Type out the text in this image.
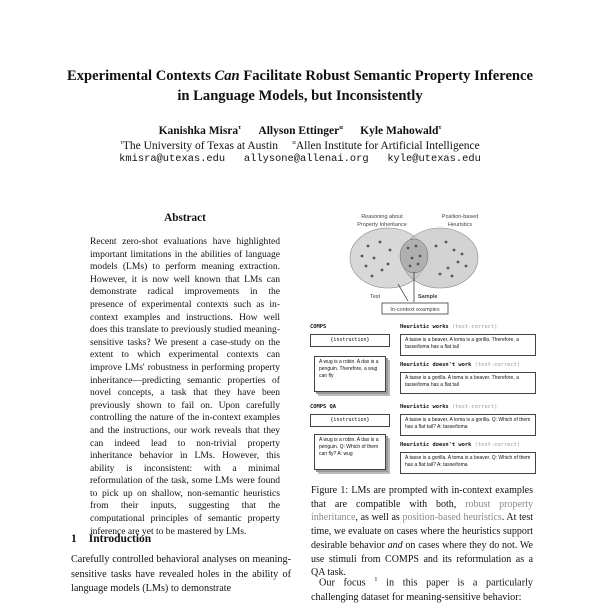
Experimental Contexts Can Facilitate Robust Semantic Property Inference
in Language Models, but Inconsistently
Kanishka Misra$^\tau$ Allyson Ettinger$^\alpha$ Kyle Mahowald$^\tau$
$^\tau$The University of Texas at Austin $^\alpha$Allen Institute for Artificial Intelligence
kmisra@utexas.edu allysone@allenai.org kyle@utexas.edu
Abstract

Recent zero-shot evaluations have highlighted important limitations in the abilities of language models (LMs) to perform meaning extraction. However, it is now well known that LMs can demonstrate radical improvements in the presence of experimental contexts such as in-context examples and instructions. How well does this translate to previously studied meaning-sensitive tasks? We present a case-study on the extent to which experimental contexts can improve LMs' robustness in performing property inheritance—predicting semantic properties of novel concepts, a task that they have been previously shown to fail on. Upon carefully controlling the nature of the in-context examples and the instructions, our work reveals that they can indeed lead to non-trivial property inheritance behavior in LMs. However, this ability is inconsistent: with a minimal reformulation of the task, some LMs were found to pick up on shallow, non-semantic heuristics from their inputs, suggesting that the computational principles of semantic property inference are yet to be mastered by LMs.

1 Introduction

Carefully controlled behavioral analyses on meaning-sensitive tasks have revealed holes in the ability of language models (LMs) to demonstrate

Reasoning about
Property Inheritance
Position-based
Heuristics
Test	Sample
In-context examples
COMPS
{instruction}
A wug is a robin. A dax is a penguin. Therefore, a wug can fly
Heuristic works (test-correct)
A tasse is a beaver. A toma is a gorilla. Therefore, a tasse/toma has a flat tail
Heuristic doesn't work (test-correct)
A tasse is a gorilla. A toma is a beaver. Therefore, a tasse/toma has a flat tail
COMPS QA
{instruction}
A wug is a robin. A dax is a penguin. Q: Which of them can fly? A: wug
Heuristic works (test-correct)
A tasse is a beaver. A toma is a gorilla. Q: Which of them has a flat tail? A: tasse/toma
Heuristic doesn't work (test-correct)
A tasse is a gorilla. A toma is a beaver. Q: Which of them has a flat tail? A: tasse/toma

Figure 1: LMs are prompted with in-context examples that are compatible with both, robust property inheritance, as well as position-based heuristics. At test time, we evaluate on cases where the heuristics support desirable behavior and on cases where they do not. We use stimuli from COMPS and its reformulation as a QA task.

Our focus $^1$ in this paper is a particularly challenging dataset for meaning-sensitive behavior:
